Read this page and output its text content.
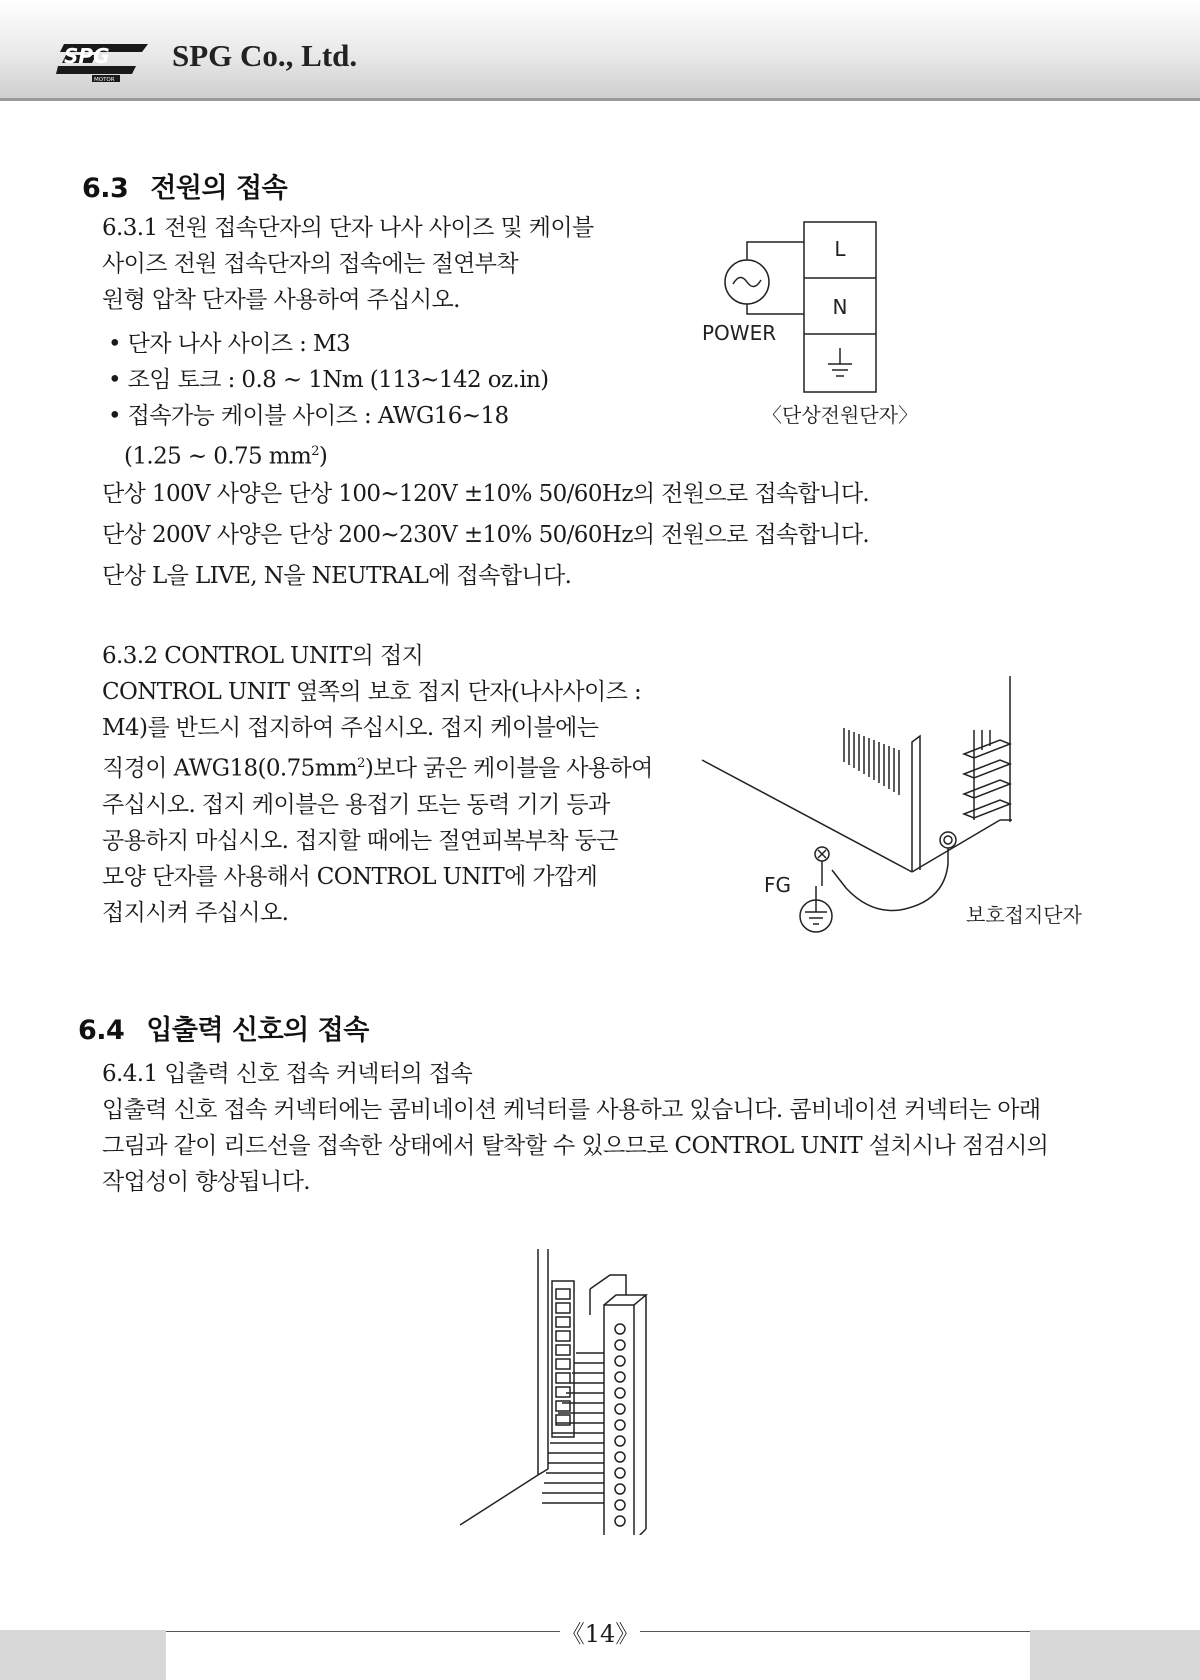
SPG
MOTOR
SPG Co., Ltd.
6.3 전원의 접속
6.3.1 전원 접속단자의 단자 나사 사이즈 및 케이블
사이즈 전원 접속단자의 접속에는 절연부착
원형 압착 단자를 사용하여 주십시오.
• 단자 나사 사이즈 : M3
• 조임 토크 : 0.8 ~ 1Nm (113~142 oz.in)
• 접속가능 케이블 사이즈 : AWG16~18
(1.25 ~ 0.75 $mm^2$)
단상 100V 사양은 단상 100~120V ±10% 50/60Hz의 전원으로 접속합니다.
단상 200V 사양은 단상 200~230V ±10% 50/60Hz의 전원으로 접속합니다.
단상 L을 LIVE, N을 NEUTRAL에 접속합니다.
L
N
POWER
〈단상전원단자〉
6.3.2 CONTROL UNIT의 접지
CONTROL UNIT 옆쪽의 보호 접지 단자(나사사이즈 :
M4)를 반드시 접지하여 주십시오. 접지 케이블에는
직경이 $AWG18(0.75mm^2)$보다 굵은 케이블을 사용하여
주십시오. 접지 케이블은 용접기 또는 동력 기기 등과
공용하지 마십시오. 접지할 때에는 절연피복부착 둥근
모양 단자를 사용해서 CONTROL UNIT에 가깝게
접지시켜 주십시오.
FG
보호접지단자
6.4 입출력 신호의 접속
6.4.1 입출력 신호 접속 커넥터의 접속
입출력 신호 접속 커넥터에는 콤비네이션 케넉터를 사용하고 있습니다. 콤비네이션 커넥터는 아래
그림과 같이 리드선을 접속한 상태에서 탈착할 수 있으므로 CONTROL UNIT 설치시나 점검시의
작업성이 향상됩니다.
《14》
